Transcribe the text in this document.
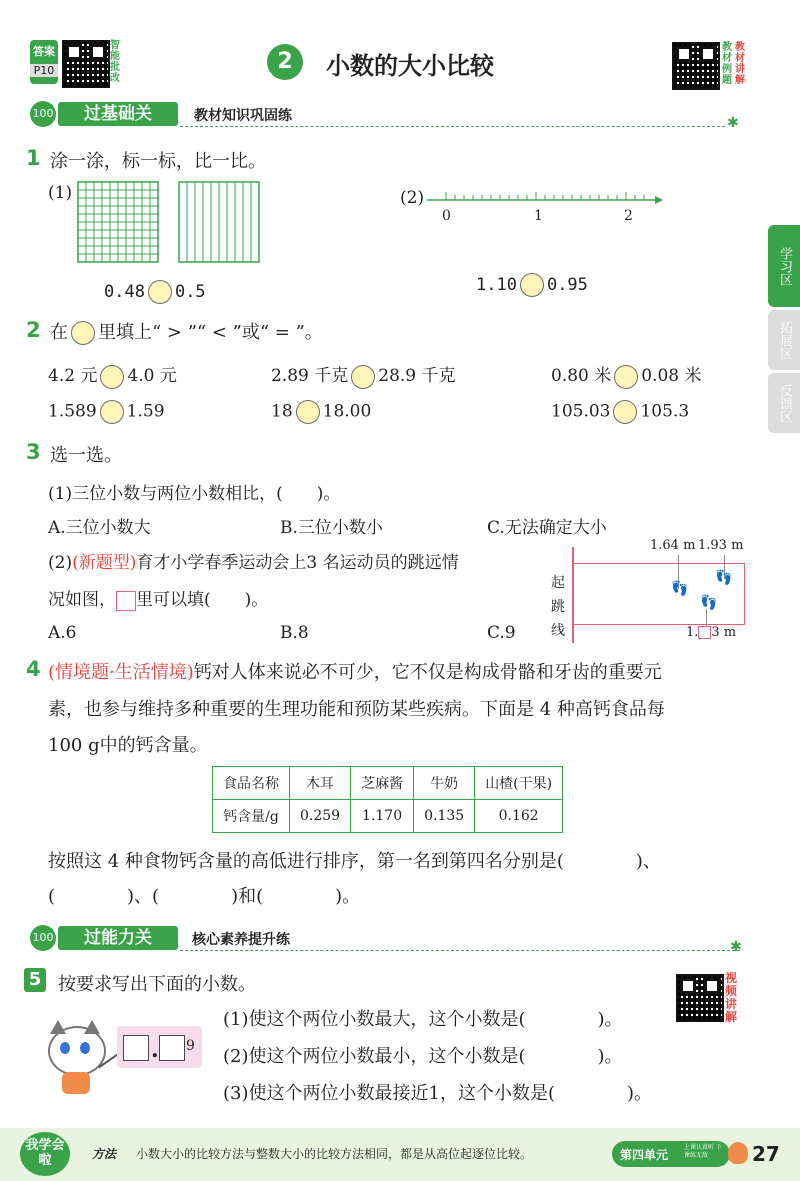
答案
P10
智能批改
2	小数的大小比较
教材例题
教材讲解
学习区
拓展区
反馈区
100	过基础关	教材知识巩固练	✱
1 涂一涂，标一标，比一比。
(1)
0.48 0.5
(2)
0	1	2
1.10 0.95
2 在 里填上“ > ”“ < ”或“ = ”。
4.2 元 4.0 元	2.89 千克 28.9 千克	0.80 米 0.08 米
1.589 1.59	18 18.00	105.03 105.3
3 选一选。
(1)三位小数与两位小数相比，(　　)。
A.三位小数大	B.三位小数小	C.无法确定大小
(2)(新题型)育才小学春季运动会上3 名运动员的跳远情
况如图， 里可以填(　　)。
A.6	B.8	C.9
1.64 m 1.93 m
起跳线
👣
👣
👣
1. 3 m
4 (情境题·生活情境)钙对人体来说必不可少，它不仅是构成骨骼和牙齿的重要元
素，也参与维持多种重要的生理功能和预防某些疾病。下面是 4 种高钙食品每
100 g中的钙含量。
食品名称	木耳	芝麻酱	牛奶	山楂(干果)
钙含量/g	0.259	1.170	0.135	0.162
按照这 4 种食物钙含量的高低进行排序，第一名到第四名分别是(　　　　)、
(　　　　)、(　　　　)和(　　　　)。
100	过能力关	核心素养提升练	✱
5 按要求写出下面的小数。	视频讲解
. 9
(1)使这个两位小数最大，这个小数是(　　　　)。
(2)使这个两位小数最小，这个小数是(　　　　)。
(3)使这个两位小数最接近1，这个小数是(　　　　)。
我学会啦	方法 小数大小的比较方法与整数大小的比较方法相同，都是从高位起逐位比较。	第四单元
上课认真听 下课练无敌	27
